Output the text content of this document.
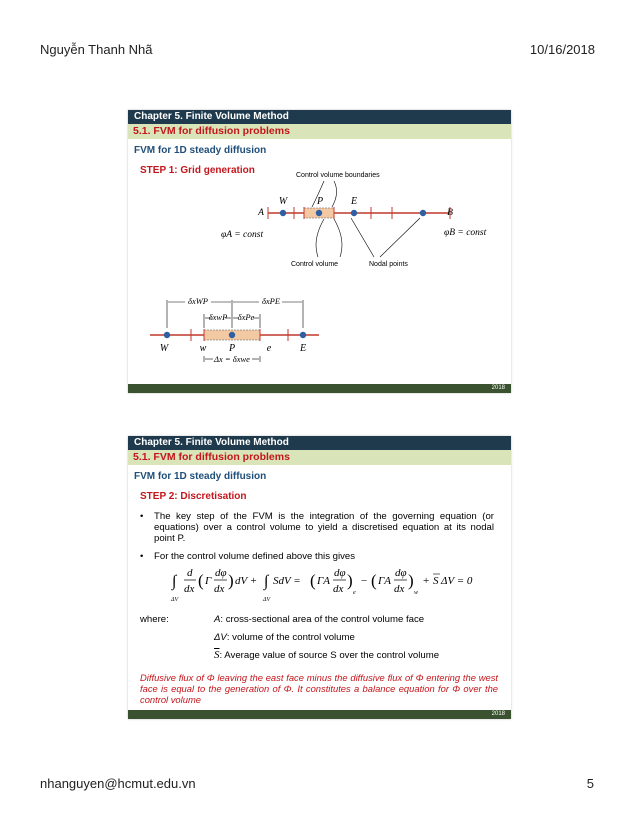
Nguyễn Thanh Nhã	10/16/2018
Chapter 5. Finite Volume Method
5.1. FVM for diffusion problems
FVM for 1D steady diffusion
STEP 1: Grid generation
W	P	E
A	B
φA = const	φB = const
Control volume boundaries
Control volume	Nodal points
δxWP	δxPE
δxwP δxPe
W	w P	e	E
Δx = δxwe
2018
Chapter 5. Finite Volume Method
5.1. FVM for diffusion problems
FVM for 1D steady diffusion
STEP 2: Discretisation
•	The key step of the FVM is the integration of the governing equation (or equations) over a control volume to yield a discretised equation at its nodal point P.
•	For the control volume defined above this gives
∫
ΔV
d
dx ( Γ
dφ
dx ) dV + ∫
ΔV
SdV = ( ΓA
dφ
dx )
e
− ( ΓA
dφ
dx )
w
+ S ΔV = 0
where:	A: cross-sectional area of the control volume face
ΔV: volume of the control volume
$\overline{S}$: Average value of source S over the control volume
Diffusive flux of Φ leaving the east face minus the diffusive flux of Φ entering the west face is equal to the generation of Φ. It constitutes a balance equation for Φ over the control volume
2018
nhanguyen@hcmut.edu.vn	5
